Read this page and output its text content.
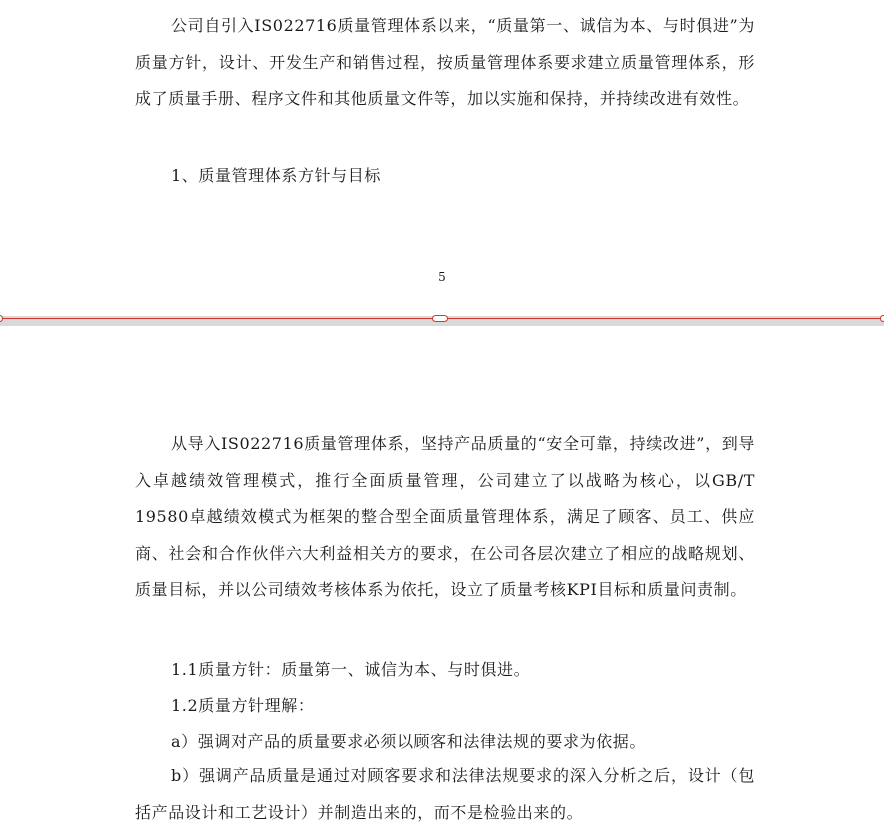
公司自引入IS022716质量管理体系以来，“质量第一、诚信为本、与时俱进”为质量方针，设计、开发生产和销售过程，按质量管理体系要求建立质量管理体系，形成了质量手册、程序文件和其他质量文件等，加以实施和保持，并持续改进有效性。

1、质量管理体系方针与目标

5

从导入IS022716质量管理体系，坚持产品质量的“安全可靠，持续改进”，到导入卓越绩效管理模式，推行全面质量管理，公司建立了以战略为核心，以GB/T 19580卓越绩效模式为框架的整合型全面质量管理体系，满足了顾客、员工、供应商、社会和合作伙伴六大利益相关方的要求，在公司各层次建立了相应的战略规划、质量目标，并以公司绩效考核体系为依托，设立了质量考核KPI目标和质量问责制。

1.1质量方针：质量第一、诚信为本、与时俱进。

1.2质量方针理解：

a）强调对产品的质量要求必须以顾客和法律法规的要求为依据。

b）强调产品质量是通过对顾客要求和法律法规要求的深入分析之后，设计（包括产品设计和工艺设计）并制造出来的，而不是检验出来的。
